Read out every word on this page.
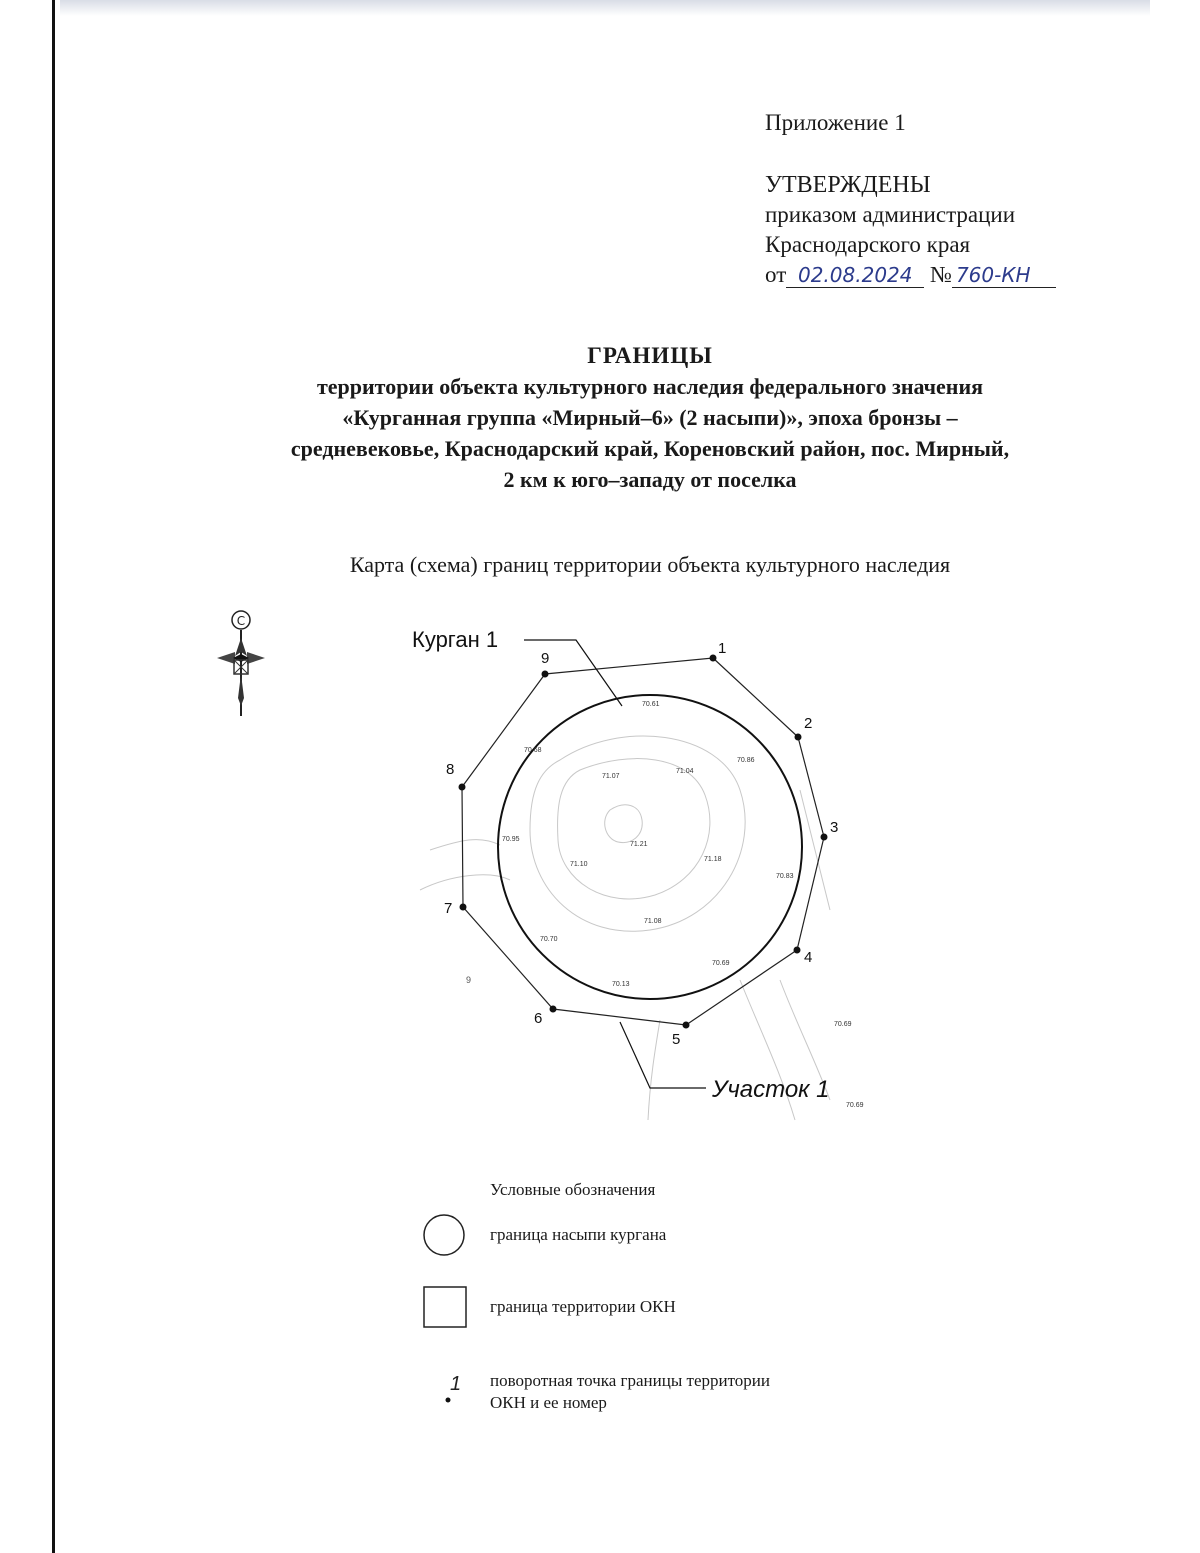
Приложение 1
УТВЕРЖДЕНЫ
приказом администрации
Краснодарского края
от 02.08.2024 № 760-КН
ГРАНИЦЫ
территории объекта культурного наследия федерального значения
«Курганная группа «Мирный–6» (2 насыпи)», эпоха бронзы –
средневековье, Краснодарский край, Кореновский район, пос. Мирный,
2 км к юго–западу от поселка
Карта (схема) границ территории объекта культурного наследия
C
1
2
3
4
5
6
7
8
9
9
70.61
70.86
71.04
70.68
71.07
70.95
71.21
71.10
71.18
70.83
71.08
70.70
70.69
70.13
70.69
70.69
Курган 1
Участок 1
Условные обозначения
граница насыпи кургана
граница территории ОКН
1 поворотная точка границы территории
ОКН и ее номер
